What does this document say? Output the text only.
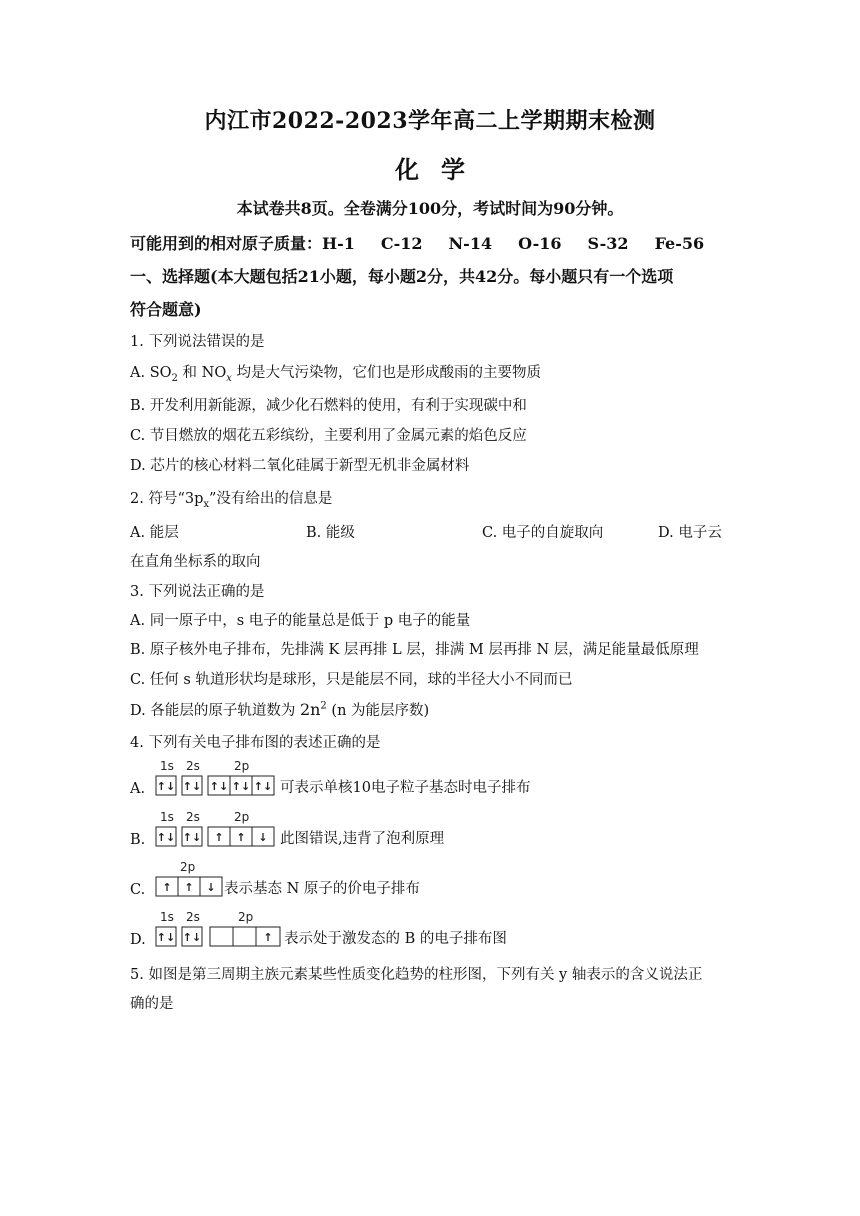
内江市2022-2023学年高二上学期期末检测
化学
本试卷共8页。全卷满分100分，考试时间为90分钟。
可能用到的相对原子质量：H-1 C-12 N-14 O-16 S-32 Fe-56
一、选择题(本大题包括21小题，每小题2分，共42分。每小题只有一个选项
符合题意)
1. 下列说法错误的是
A. $SO_2$ 和 $NO_x$ 均是大气污染物，它们也是形成酸雨的主要物质
B. 开发利用新能源，减少化石燃料的使用，有利于实现碳中和
C. 节目燃放的烟花五彩缤纷，主要利用了金属元素的焰色反应
D. 芯片的核心材料二氧化硅属于新型无机非金属材料
2. 符号“$3p_x$”没有给出的信息是
A. 能层	B. 能级	C. 电子的自旋取向	D. 电子云
在直角坐标系的取向
3. 下列说法正确的是
A. 同一原子中，s 电子的能量总是低于 p 电子的能量
B. 原子核外电子排布，先排满 K 层再排 L 层，排满 M 层再排 N 层，满足能量最低原理
C. 任何 s 轨道形状均是球形，只是能层不同，球的半径大小不同而已
D. 各能层的原子轨道数为 $2n^2$ (n 为能层序数)
4. 下列有关电子排布图的表述正确的是
A.
1s 2s	2p
↑↓ ↑↓ ↑↓ ↑↓ ↑↓ 可表示单核10电子粒子基态时电子排布
B.
1s 2s	2p
↑↓ ↑↓ ↑ ↑ ↓ 此图错误,违背了泡利原理
C.
2p
↑ ↑ ↓ 表示基态 N 原子的价电子排布
D.
1s 2s	2p
↑↓ ↑↓	↑ 表示处于激发态的 B 的电子排布图
5. 如图是第三周期主族元素某些性质变化趋势的柱形图，下列有关 y 轴表示的含义说法正
确的是
